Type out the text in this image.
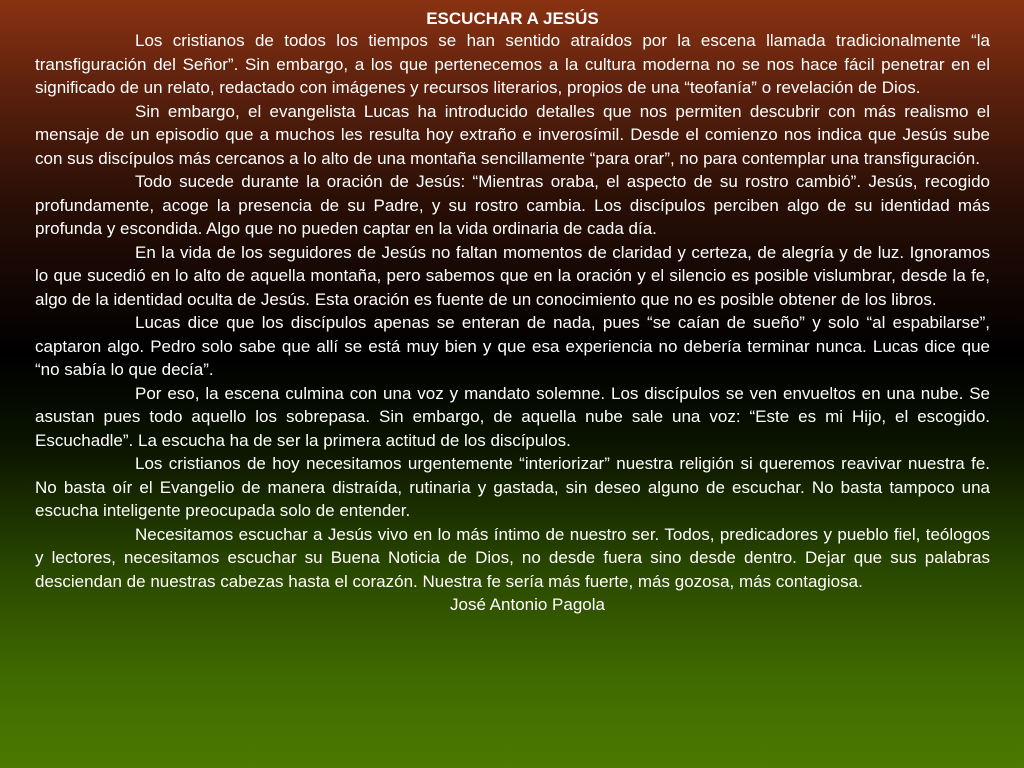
ESCUCHAR A JESÚS

Los cristianos de todos los tiempos se han sentido atraídos por la escena llamada tradicionalmente “la transfiguración del Señor”. Sin embargo, a los que pertenecemos a la cultura moderna no se nos hace fácil penetrar en el significado de un relato, redactado con imágenes y recursos literarios, propios de una “teofanía” o revelación de Dios.

Sin embargo, el evangelista Lucas ha introducido detalles que nos permiten descubrir con más realismo el mensaje de un episodio que a muchos les resulta hoy extraño e inverosímil. Desde el comienzo nos indica que Jesús sube con sus discípulos más cercanos a lo alto de una montaña sencillamente “para orar”, no para contemplar una transfiguración.

Todo sucede durante la oración de Jesús: “Mientras oraba, el aspecto de su rostro cambió”. Jesús, recogido profundamente, acoge la presencia de su Padre, y su rostro cambia. Los discípulos perciben algo de su identidad más profunda y escondida. Algo que no pueden captar en la vida ordinaria de cada día.

En la vida de los seguidores de Jesús no faltan momentos de claridad y certeza, de alegría y de luz. Ignoramos lo que sucedió en lo alto de aquella montaña, pero sabemos que en la oración y el silencio es posible vislumbrar, desde la fe, algo de la identidad oculta de Jesús. Esta oración es fuente de un conocimiento que no es posible obtener de los libros.

Lucas dice que los discípulos apenas se enteran de nada, pues “se caían de sueño” y solo “al espabilarse”, captaron algo. Pedro solo sabe que allí se está muy bien y que esa experiencia no debería terminar nunca. Lucas dice que “no sabía lo que decía”.

Por eso, la escena culmina con una voz y mandato solemne. Los discípulos se ven envueltos en una nube. Se asustan pues todo aquello los sobrepasa. Sin embargo, de aquella nube sale una voz: “Este es mi Hijo, el escogido. Escuchadle”. La escucha ha de ser la primera actitud de los discípulos.

Los cristianos de hoy necesitamos urgentemente “interiorizar” nuestra religión si queremos reavivar nuestra fe. No basta oír el Evangelio de manera distraída, rutinaria y gastada, sin deseo alguno de escuchar. No basta tampoco una escucha inteligente preocupada solo de entender.

Necesitamos escuchar a Jesús vivo en lo más íntimo de nuestro ser. Todos, predicadores y pueblo fiel, teólogos y lectores, necesitamos escuchar su Buena Noticia de Dios, no desde fuera sino desde dentro. Dejar que sus palabras desciendan de nuestras cabezas hasta el corazón. Nuestra fe sería más fuerte, más gozosa, más contagiosa.

José Antonio Pagola
